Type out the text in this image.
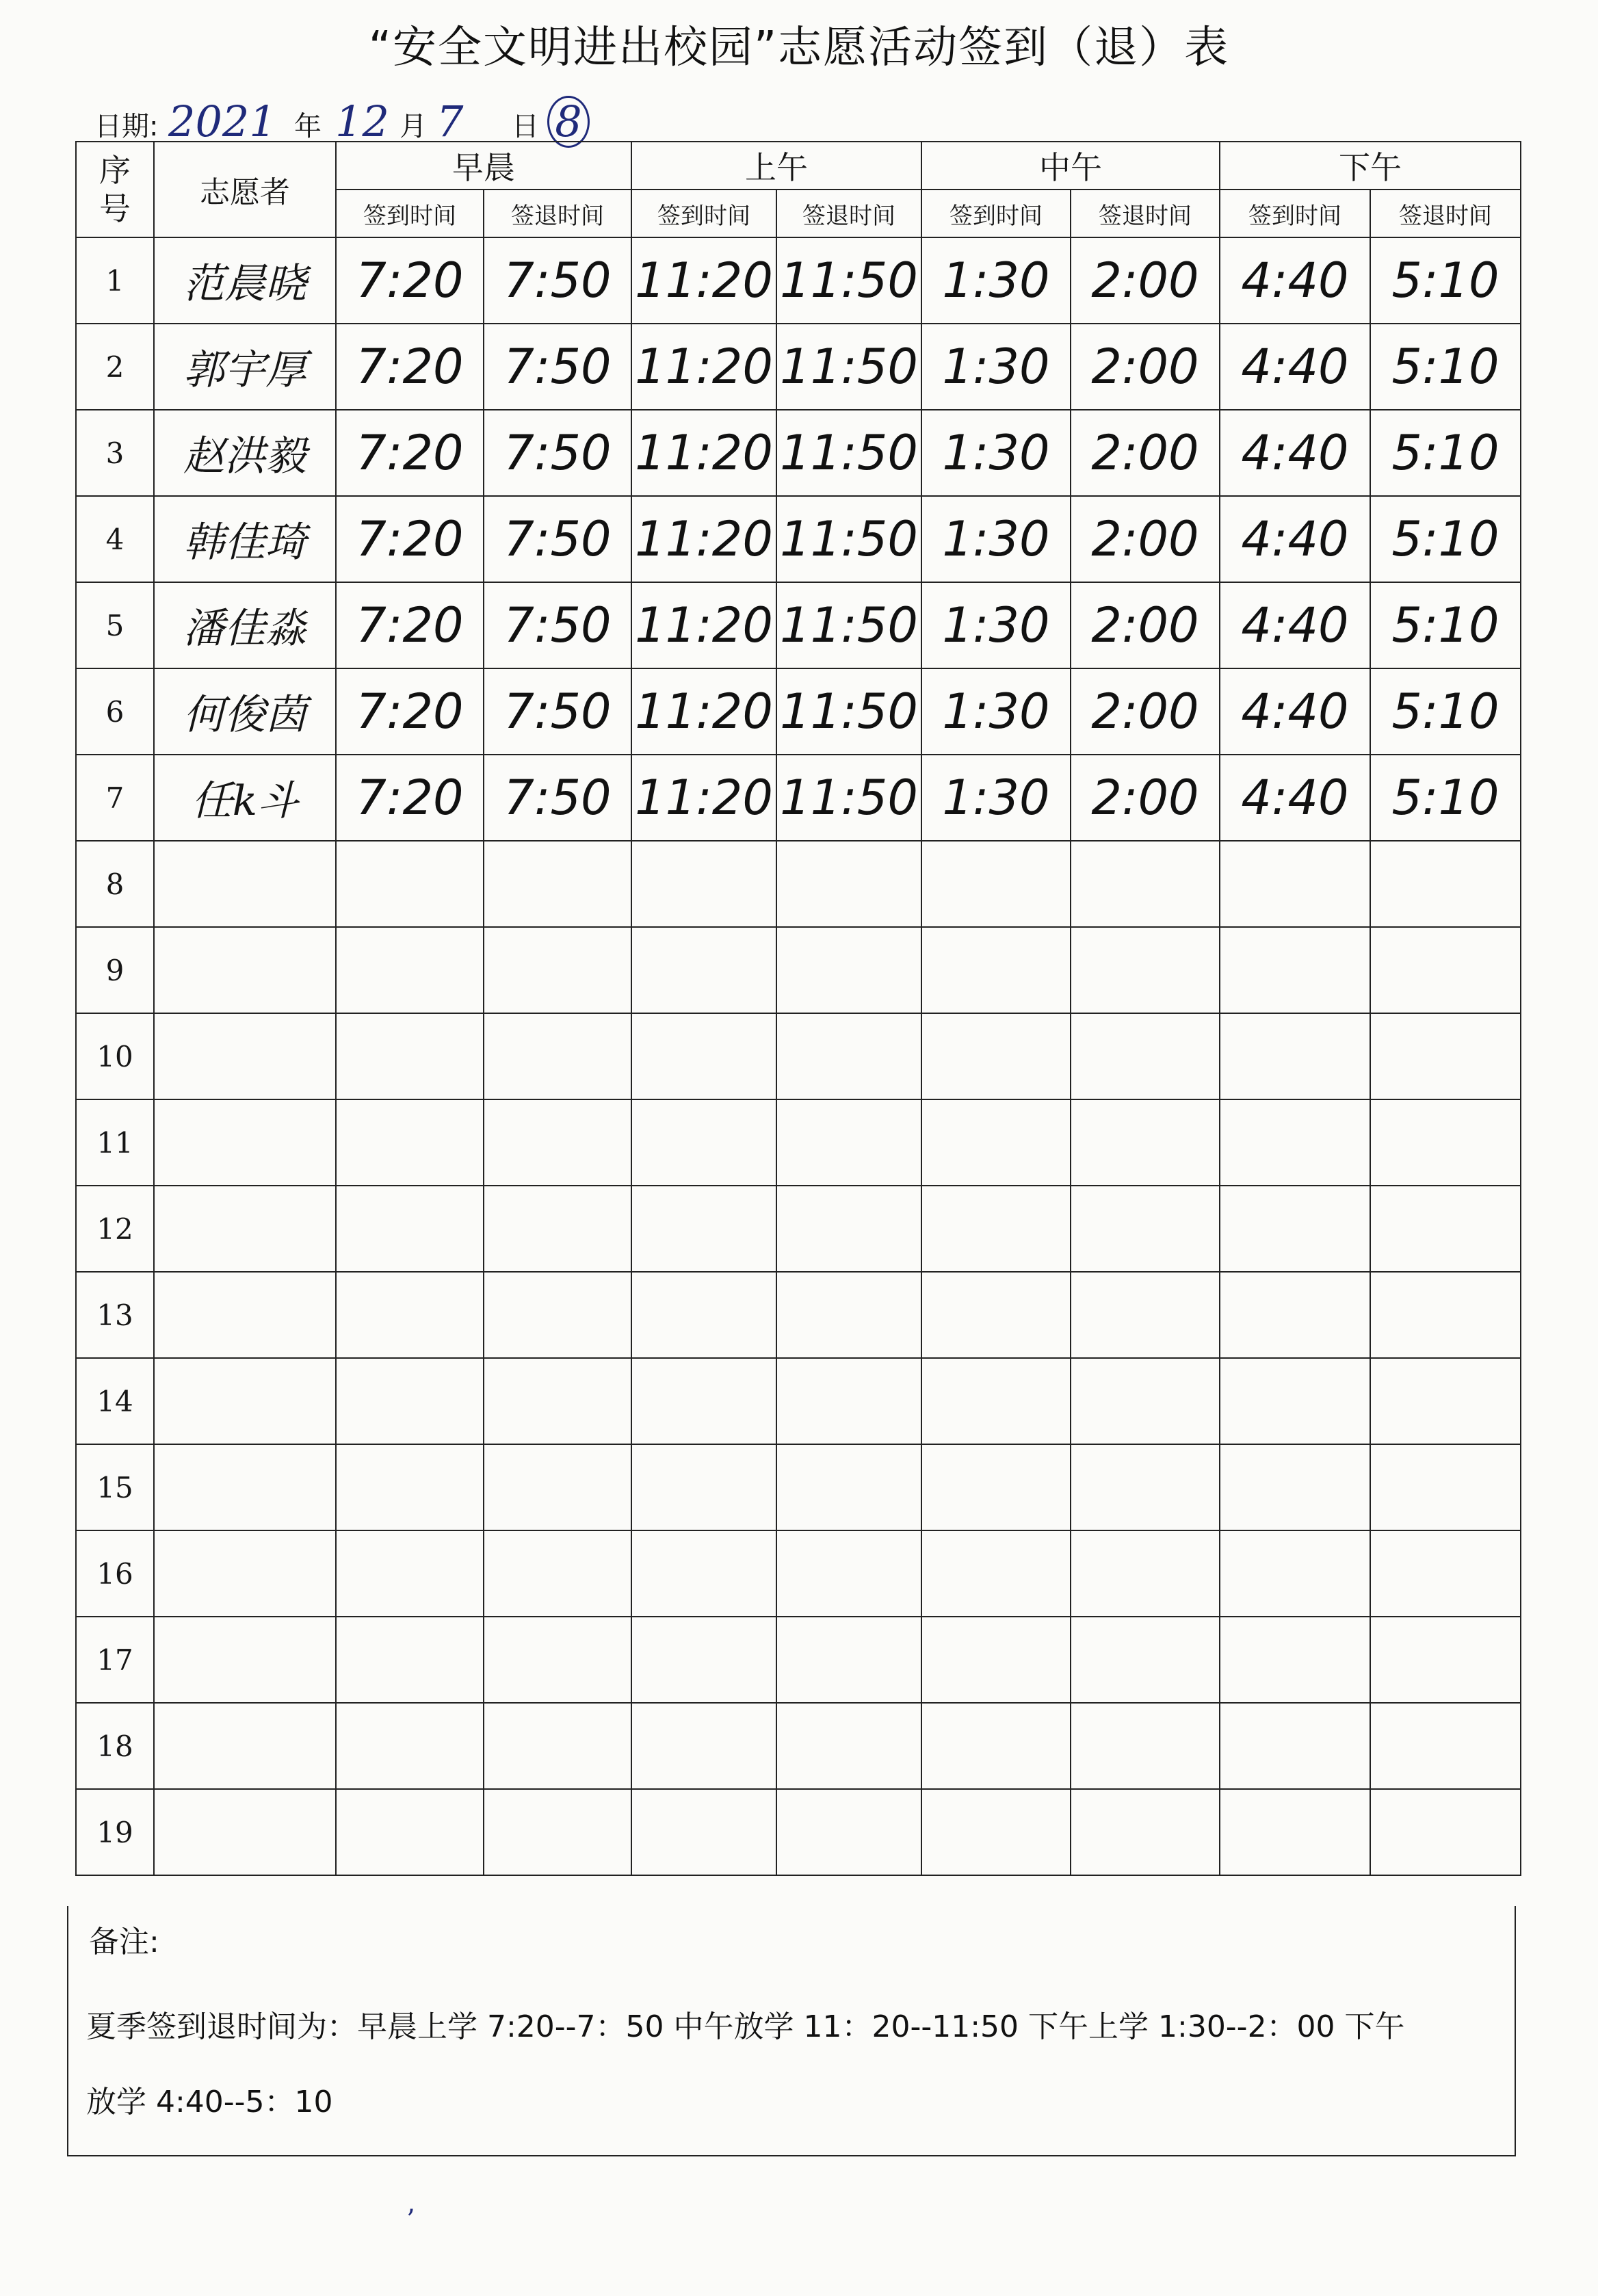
“安全文明进出校园”志愿活动签到（退）表
日期: 2021 年 12 月 7 日 8
序号	志愿者	早晨		上午		中午		下午	
		签到时间	签退时间	签到时间	签退时间	签到时间	签退时间	签到时间	签退时间
1	范晨晓	7:20	7:50	11:20	11:50	1:30	2:00	4:40	5:10
2	郭宇厚	7:20	7:50	11:20	11:50	1:30	2:00	4:40	5:10
3	赵洪毅	7:20	7:50	11:20	11:50	1:30	2:00	4:40	5:10
4	韩佳琦	7:20	7:50	11:20	11:50	1:30	2:00	4:40	5:10
5	潘佳淼	7:20	7:50	11:20	11:50	1:30	2:00	4:40	5:10
6	何俊茵	7:20	7:50	11:20	11:50	1:30	2:00	4:40	5:10
7	任k斗	7:20	7:50	11:20	11:50	1:30	2:00	4:40	5:10
8									
9									
10									
11									
12									
13									
14									
15									
16									
17									
18									
19									
备注:
夏季签到退时间为：早晨上学 7:20--7：50 中午放学 11：20--11:50 下午上学 1:30--2：00 下午
放学 4:40--5：10
’
